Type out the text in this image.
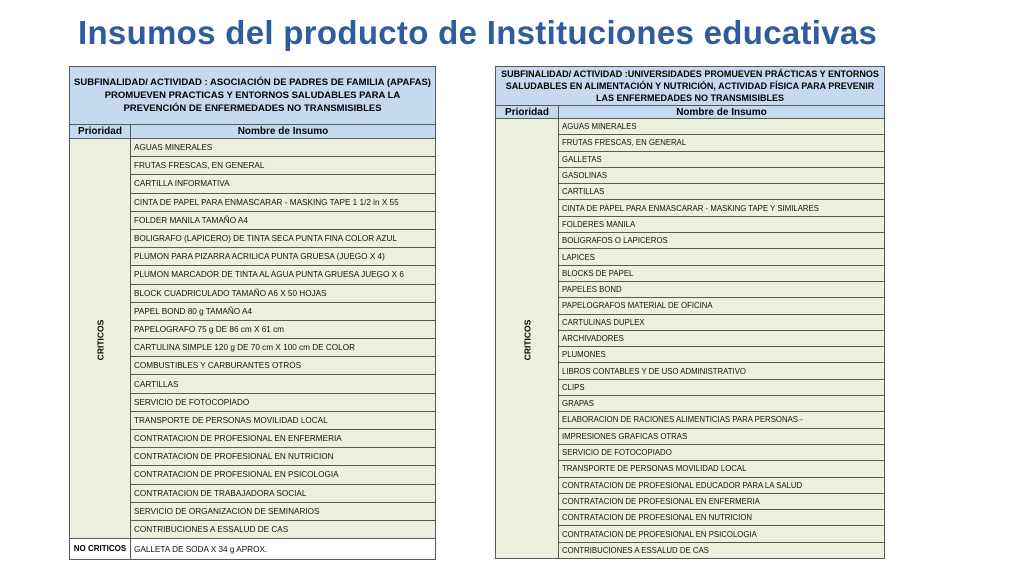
Insumos del producto de Instituciones educativas
SUBFINALIDAD/ ACTIVIDAD : ASOCIACIÓN DE PADRES DE FAMILIA (APAFAS) PROMUEVEN PRACTICAS Y ENTORNOS SALUDABLES PARA LA PREVENCIÓN DE ENFERMEDADES NO TRANSMISIBLES	
Prioridad	Nombre de Insumo
CRITICOS	AGUAS MINERALES
	FRUTAS FRESCAS, EN GENERAL
	CARTILLA INFORMATIVA
	CINTA DE PAPEL PARA ENMASCARAR - MASKING TAPE 1 1/2 in X 55
	FOLDER MANILA TAMAÑO A4
	BOLIGRAFO (LAPICERO) DE TINTA SECA PUNTA FINA COLOR AZUL
	PLUMON PARA PIZARRA ACRILICA PUNTA GRUESA (JUEGO X 4)
	PLUMON MARCADOR DE TINTA AL AGUA PUNTA GRUESA JUEGO X 6
	BLOCK CUADRICULADO TAMAÑO A6 X 50 HOJAS
	PAPEL BOND 80 g TAMAÑO A4
	PAPELOGRAFO 75 g DE 86 cm X 61 cm
	CARTULINA SIMPLE 120 g DE 70 cm X 100 cm DE COLOR
	COMBUSTIBLES Y CARBURANTES OTROS
	CARTILLAS
	SERVICIO DE FOTOCOPIADO
	TRANSPORTE DE PERSONAS MOVILIDAD LOCAL
	CONTRATACION DE PROFESIONAL EN ENFERMERIA
	CONTRATACION DE PROFESIONAL EN NUTRICION
	CONTRATACION DE PROFESIONAL EN PSICOLOGIA
	CONTRATACION DE TRABAJADORA SOCIAL
	SERVICIO DE ORGANIZACION DE SEMINARIOS
	CONTRIBUCIONES A ESSALUD DE CAS
NO CRITICOS	GALLETA DE SODA X 34 g APROX.
SUBFINALIDAD/ ACTIVIDAD :UNIVERSIDADES PROMUEVEN PRÁCTICAS Y ENTORNOS SALUDABLES EN ALIMENTACIÓN Y NUTRICIÓN, ACTIVIDAD FÍSICA PARA PREVENIR LAS ENFERMEDADES NO TRANSMISIBLES	
Prioridad	Nombre de Insumo
CRITICOS	AGUAS MINERALES
	FRUTAS FRESCAS, EN GENERAL
	GALLETAS
	GASOLINAS
	CARTILLAS
	CINTA DE PAPEL PARA ENMASCARAR - MASKING TAPE Y SIMILARES
	FOLDERES MANILA
	BOLIGRAFOS O LAPICEROS
	LAPICES
	BLOCKS DE PAPEL
	PAPELES BOND
	PAPELOGRAFOS MATERIAL DE OFICINA
	CARTULINAS DUPLEX
	ARCHIVADORES
	PLUMONES
	LIBROS CONTABLES Y DE USO ADMINISTRATIVO
	CLIPS
	GRAPAS
	ELABORACION DE RACIONES ALIMENTICIAS PARA PERSONAS -
	IMPRESIONES GRAFICAS OTRAS
	SERVICIO DE FOTOCOPIADO
	TRANSPORTE DE PERSONAS MOVILIDAD LOCAL
	CONTRATACION DE PROFESIONAL EDUCADOR PARA LA SALUD
	CONTRATACION DE PROFESIONAL EN ENFERMERIA
	CONTRATACION DE PROFESIONAL EN NUTRICION
	CONTRATACION DE PROFESIONAL EN PSICOLOGIA
	CONTRIBUCIONES A ESSALUD DE CAS
